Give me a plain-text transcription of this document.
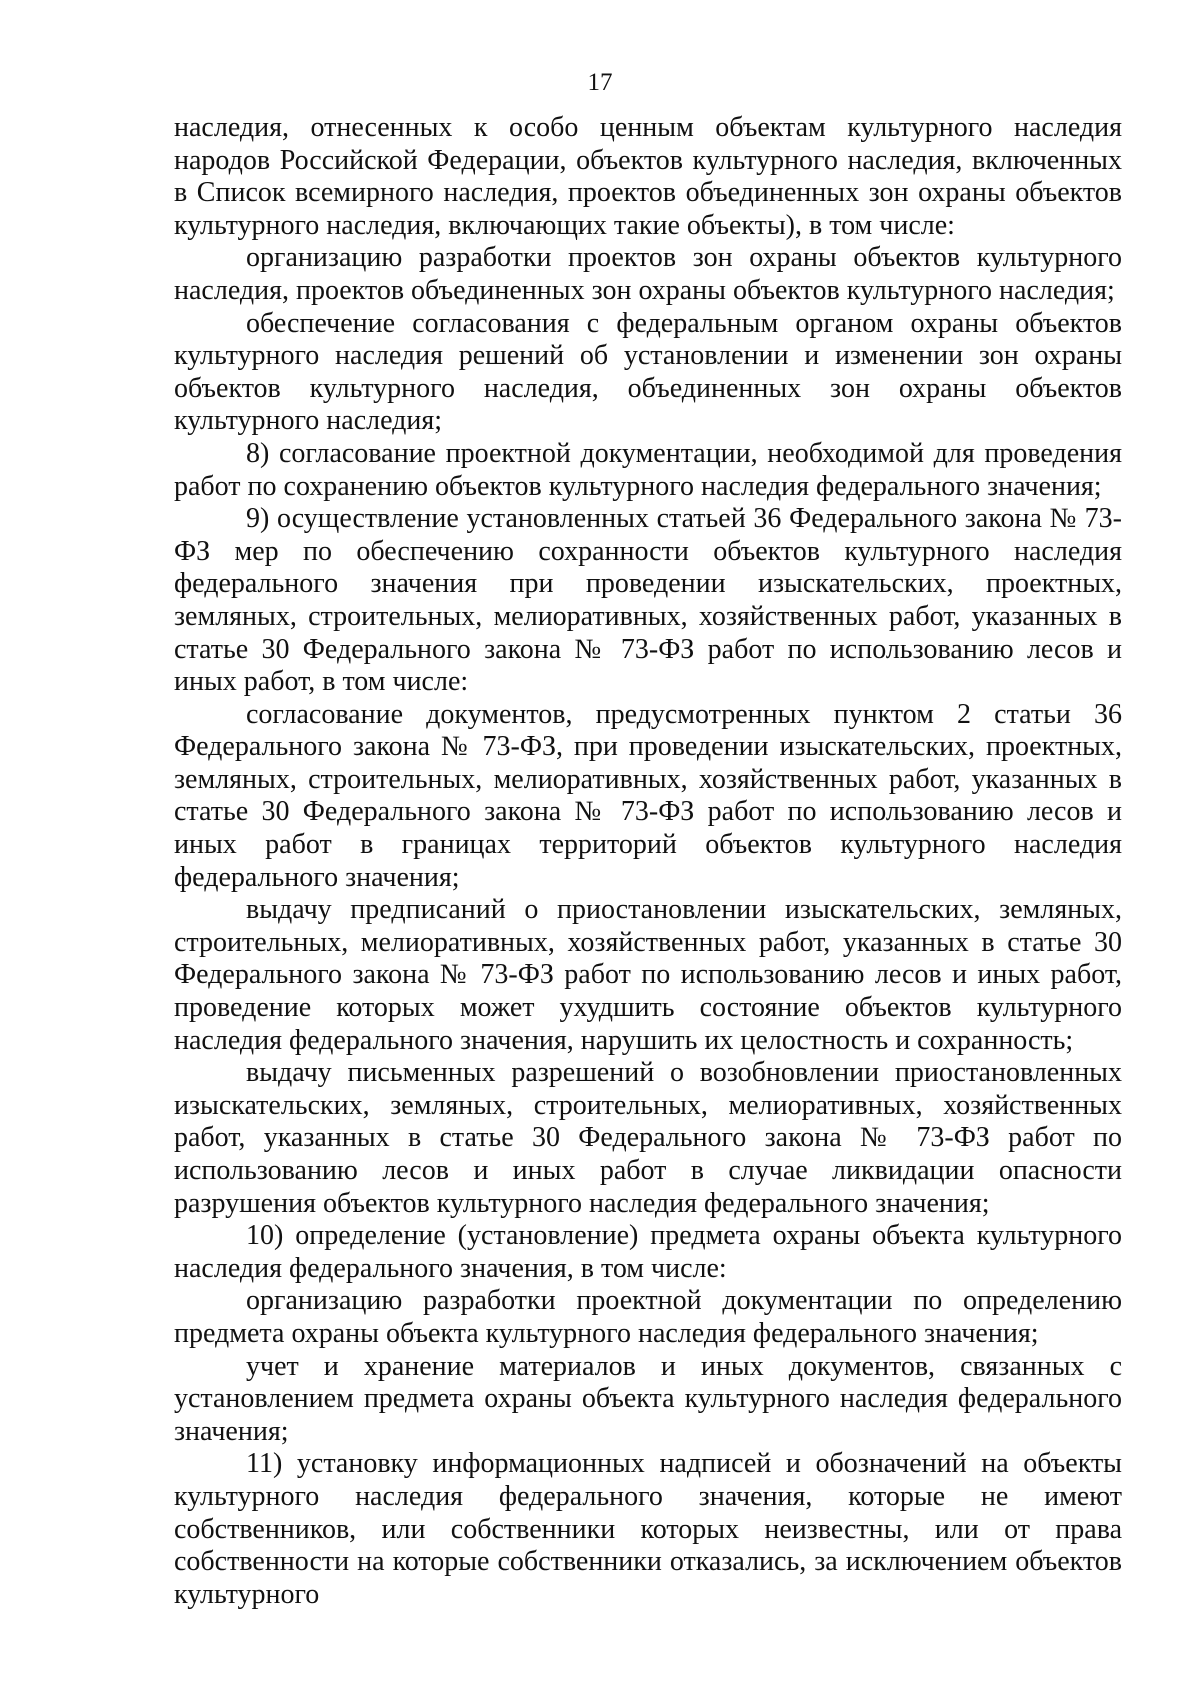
17

наследия, отнесенных к особо ценным объектам культурного наследия народов Российской Федерации, объектов культурного наследия, включенных в Список всемирного наследия, проектов объединенных зон охраны объектов культурного наследия, включающих такие объекты), в том числе:

организацию разработки проектов зон охраны объектов культурного наследия, проектов объединенных зон охраны объектов культурного наследия;

обеспечение согласования с федеральным органом охраны объектов культурного наследия решений об установлении и изменении зон охраны объектов культурного наследия, объединенных зон охраны объектов культурного наследия;

8) согласование проектной документации, необходимой для проведения работ по сохранению объектов культурного наследия федерального значения;

9) осуществление установленных статьей 36 Федерального закона № 73-ФЗ мер по обеспечению сохранности объектов культурного наследия федерального значения при проведении изыскательских, проектных, земляных, строительных, мелиоративных, хозяйственных работ, указанных в статье 30 Федерального закона № 73-ФЗ работ по использованию лесов и иных работ, в том числе:

согласование документов, предусмотренных пунктом 2 статьи 36 Федерального закона № 73-ФЗ, при проведении изыскательских, проектных, земляных, строительных, мелиоративных, хозяйственных работ, указанных в статье 30 Федерального закона № 73-ФЗ работ по использованию лесов и иных работ в границах территорий объектов культурного наследия федерального значения;

выдачу предписаний о приостановлении изыскательских, земляных, строительных, мелиоративных, хозяйственных работ, указанных в статье 30 Федерального закона № 73-ФЗ работ по использованию лесов и иных работ, проведение которых может ухудшить состояние объектов культурного наследия федерального значения, нарушить их целостность и сохранность;

выдачу письменных разрешений о возобновлении приостановленных изыскательских, земляных, строительных, мелиоративных, хозяйственных работ, указанных в статье 30 Федерального закона № 73-ФЗ работ по использованию лесов и иных работ в случае ликвидации опасности разрушения объектов культурного наследия федерального значения;

10) определение (установление) предмета охраны объекта культурного наследия федерального значения, в том числе:

организацию разработки проектной документации по определению предмета охраны объекта культурного наследия федерального значения;

учет и хранение материалов и иных документов, связанных с установлением предмета охраны объекта культурного наследия федерального значения;

11) установку информационных надписей и обозначений на объекты культурного наследия федерального значения, которые не имеют собственников, или собственники которых неизвестны, или от права собственности на которые собственники отказались, за исключением объектов культурного
